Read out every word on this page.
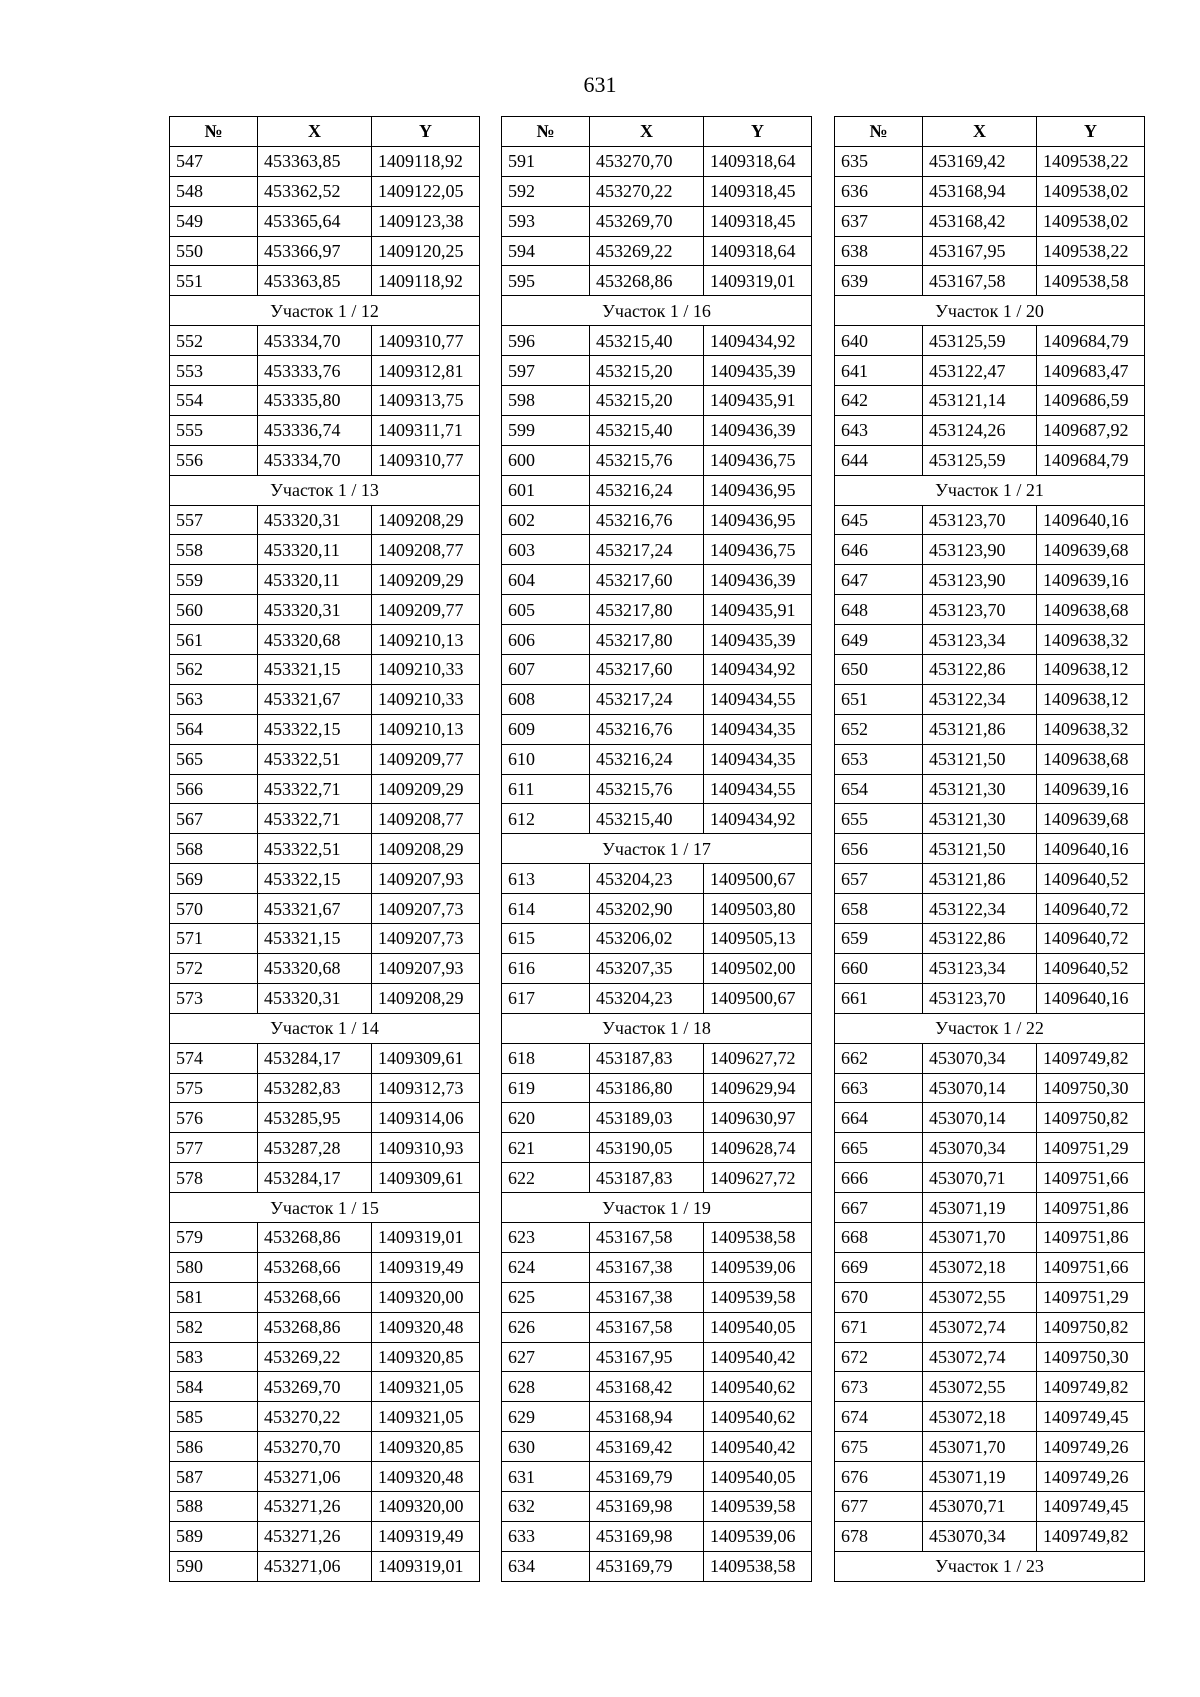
631
№	X	Y
547	453363,85	1409118,92
548	453362,52	1409122,05
549	453365,64	1409123,38
550	453366,97	1409120,25
551	453363,85	1409118,92
Участок 1 / 12		
552	453334,70	1409310,77
553	453333,76	1409312,81
554	453335,80	1409313,75
555	453336,74	1409311,71
556	453334,70	1409310,77
Участок 1 / 13		
557	453320,31	1409208,29
558	453320,11	1409208,77
559	453320,11	1409209,29
560	453320,31	1409209,77
561	453320,68	1409210,13
562	453321,15	1409210,33
563	453321,67	1409210,33
564	453322,15	1409210,13
565	453322,51	1409209,77
566	453322,71	1409209,29
567	453322,71	1409208,77
568	453322,51	1409208,29
569	453322,15	1409207,93
570	453321,67	1409207,73
571	453321,15	1409207,73
572	453320,68	1409207,93
573	453320,31	1409208,29
Участок 1 / 14		
574	453284,17	1409309,61
575	453282,83	1409312,73
576	453285,95	1409314,06
577	453287,28	1409310,93
578	453284,17	1409309,61
Участок 1 / 15		
579	453268,86	1409319,01
580	453268,66	1409319,49
581	453268,66	1409320,00
582	453268,86	1409320,48
583	453269,22	1409320,85
584	453269,70	1409321,05
585	453270,22	1409321,05
586	453270,70	1409320,85
587	453271,06	1409320,48
588	453271,26	1409320,00
589	453271,26	1409319,49
590	453271,06	1409319,01
№	X	Y
591	453270,70	1409318,64
592	453270,22	1409318,45
593	453269,70	1409318,45
594	453269,22	1409318,64
595	453268,86	1409319,01
Участок 1 / 16		
596	453215,40	1409434,92
597	453215,20	1409435,39
598	453215,20	1409435,91
599	453215,40	1409436,39
600	453215,76	1409436,75
601	453216,24	1409436,95
602	453216,76	1409436,95
603	453217,24	1409436,75
604	453217,60	1409436,39
605	453217,80	1409435,91
606	453217,80	1409435,39
607	453217,60	1409434,92
608	453217,24	1409434,55
609	453216,76	1409434,35
610	453216,24	1409434,35
611	453215,76	1409434,55
612	453215,40	1409434,92
Участок 1 / 17		
613	453204,23	1409500,67
614	453202,90	1409503,80
615	453206,02	1409505,13
616	453207,35	1409502,00
617	453204,23	1409500,67
Участок 1 / 18		
618	453187,83	1409627,72
619	453186,80	1409629,94
620	453189,03	1409630,97
621	453190,05	1409628,74
622	453187,83	1409627,72
Участок 1 / 19		
623	453167,58	1409538,58
624	453167,38	1409539,06
625	453167,38	1409539,58
626	453167,58	1409540,05
627	453167,95	1409540,42
628	453168,42	1409540,62
629	453168,94	1409540,62
630	453169,42	1409540,42
631	453169,79	1409540,05
632	453169,98	1409539,58
633	453169,98	1409539,06
634	453169,79	1409538,58
№	X	Y
635	453169,42	1409538,22
636	453168,94	1409538,02
637	453168,42	1409538,02
638	453167,95	1409538,22
639	453167,58	1409538,58
Участок 1 / 20		
640	453125,59	1409684,79
641	453122,47	1409683,47
642	453121,14	1409686,59
643	453124,26	1409687,92
644	453125,59	1409684,79
Участок 1 / 21		
645	453123,70	1409640,16
646	453123,90	1409639,68
647	453123,90	1409639,16
648	453123,70	1409638,68
649	453123,34	1409638,32
650	453122,86	1409638,12
651	453122,34	1409638,12
652	453121,86	1409638,32
653	453121,50	1409638,68
654	453121,30	1409639,16
655	453121,30	1409639,68
656	453121,50	1409640,16
657	453121,86	1409640,52
658	453122,34	1409640,72
659	453122,86	1409640,72
660	453123,34	1409640,52
661	453123,70	1409640,16
Участок 1 / 22		
662	453070,34	1409749,82
663	453070,14	1409750,30
664	453070,14	1409750,82
665	453070,34	1409751,29
666	453070,71	1409751,66
667	453071,19	1409751,86
668	453071,70	1409751,86
669	453072,18	1409751,66
670	453072,55	1409751,29
671	453072,74	1409750,82
672	453072,74	1409750,30
673	453072,55	1409749,82
674	453072,18	1409749,45
675	453071,70	1409749,26
676	453071,19	1409749,26
677	453070,71	1409749,45
678	453070,34	1409749,82
Участок 1 / 23		
